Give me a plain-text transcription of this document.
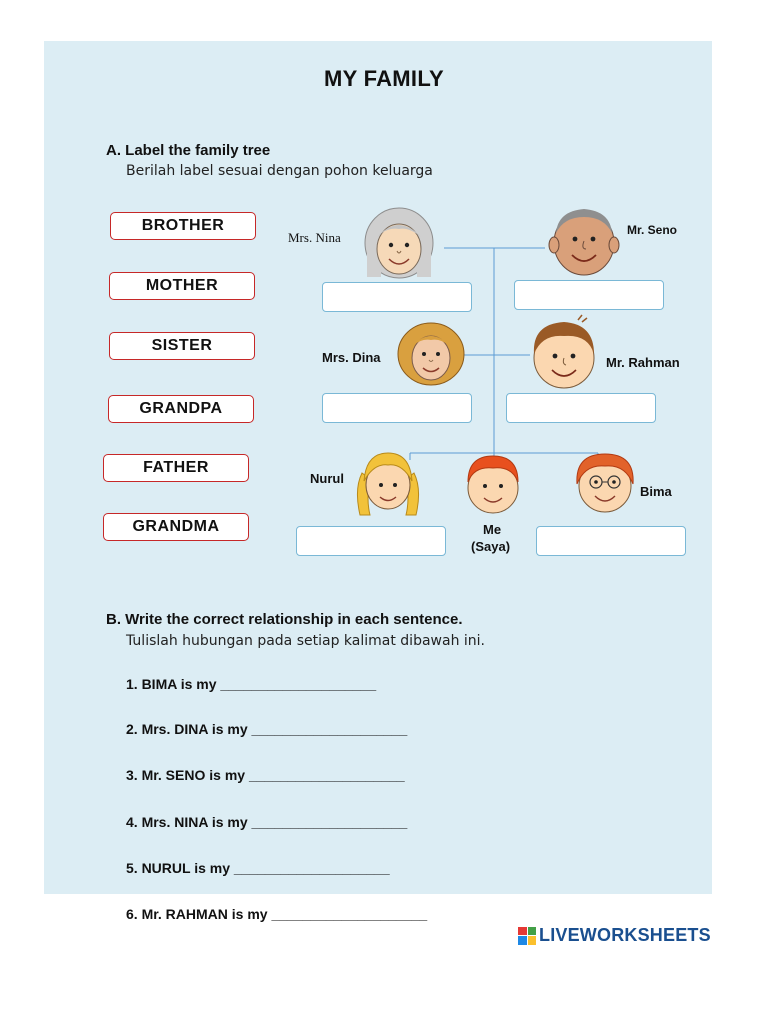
MY FAMILY
A. Label the family tree
Berilah label sesuai dengan pohon keluarga
BROTHER
MOTHER
SISTER
GRANDPA
FATHER
GRANDMA
Mrs. Nina	Mr. Seno
Mrs. Dina	Mr. Rahman
Nurul
Me
(Saya)
Bima
B. Write the correct relationship in each sentence.
Tulislah hubungan pada setiap kalimat dibawah ini.
1. BIMA is my ____________________
2. Mrs. DINA is my ____________________
3. Mr. SENO is my ____________________
4. Mrs. NINA is my ____________________
5. NURUL is my ____________________
6. Mr. RAHMAN is my ____________________
LIVEWORKSHEETS
